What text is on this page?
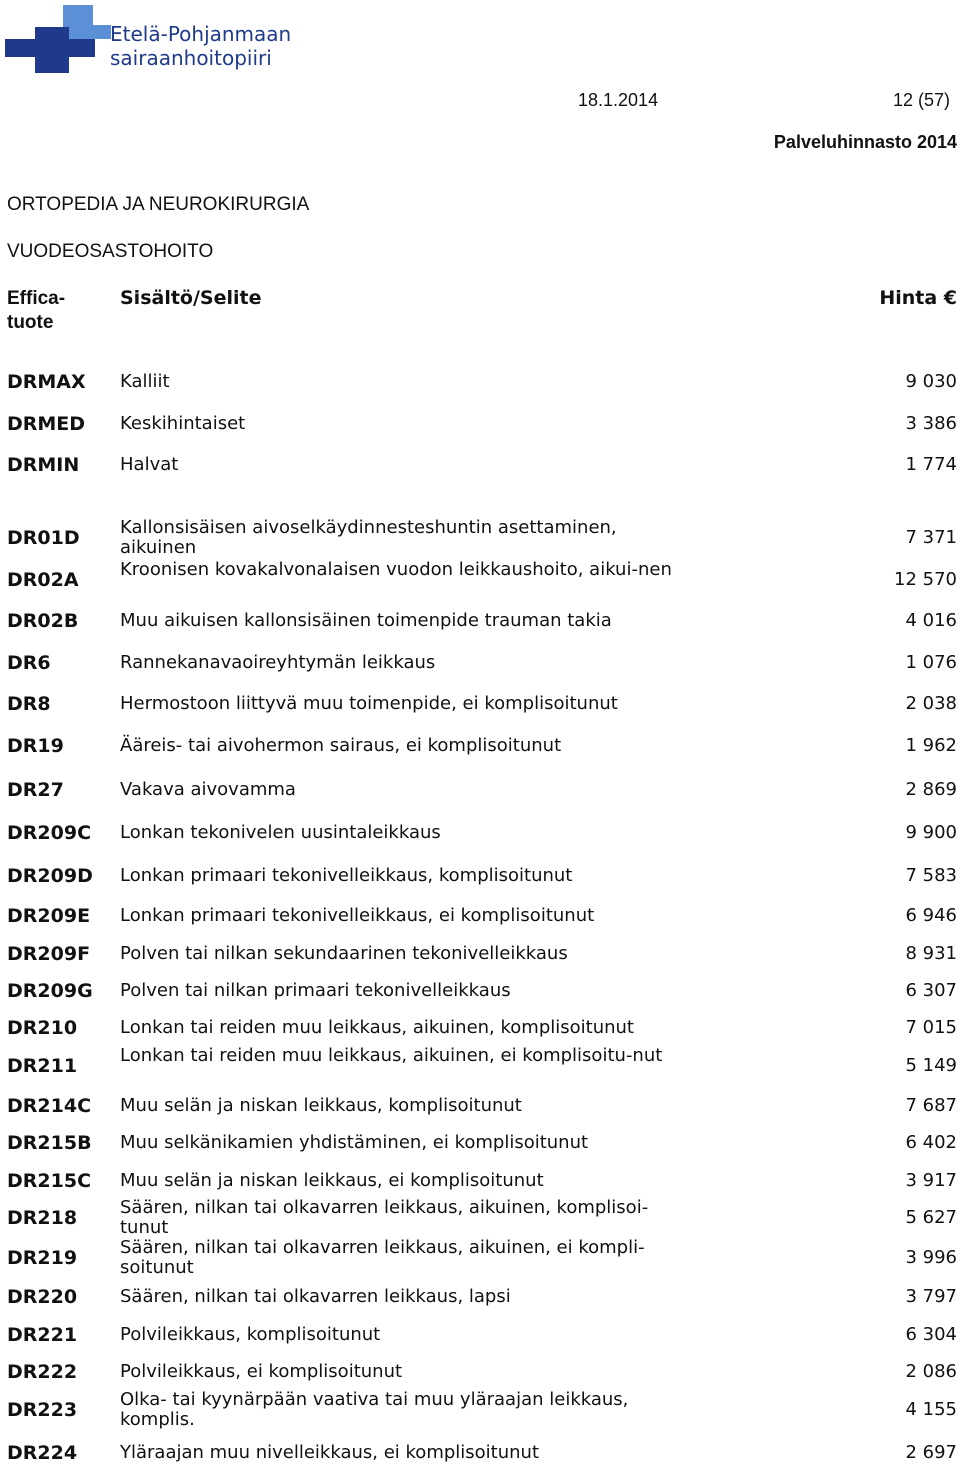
Etelä-Pohjanmaan
sairaanhoitopiiri
18.1.2014	12 (57)
Palveluhinnasto 2014
ORTOPEDIA JA NEUROKIRURGIA
VUODEOSASTOHOITO
Effica-
tuote
Sisältö/Selite	Hinta €
DRMAX Kalliit	9 030
DRMED Keskihintaiset	3 386
DRMIN Halvat	1 774
DR01D Kallonsisäisen aivoselkäydinnesteshuntin asettaminen, aikuinen	7 371
DR02A Kroonisen kovakalvonalaisen vuodon leikkaushoito, aikui-nen	12 570
DR02B Muu aikuisen kallonsisäinen toimenpide trauman takia	4 016
DR6	Rannekanavaoireyhtymän leikkaus	1 076
DR8	Hermostoon liittyvä muu toimenpide, ei komplisoitunut	2 038
DR19	Ääreis- tai aivohermon sairaus, ei komplisoitunut	1 962
DR27	Vakava aivovamma	2 869
DR209C Lonkan tekonivelen uusintaleikkaus	9 900
DR209D Lonkan primaari tekonivelleikkaus, komplisoitunut	7 583
DR209E Lonkan primaari tekonivelleikkaus, ei komplisoitunut	6 946
DR209F Polven tai nilkan sekundaarinen tekonivelleikkaus	8 931
DR209G Polven tai nilkan primaari tekonivelleikkaus	6 307
DR210 Lonkan tai reiden muu leikkaus, aikuinen, komplisoitunut	7 015
DR211 Lonkan tai reiden muu leikkaus, aikuinen, ei komplisoitu-nut	5 149
DR214C Muu selän ja niskan leikkaus, komplisoitunut	7 687
DR215B Muu selkänikamien yhdistäminen, ei komplisoitunut	6 402
DR215C Muu selän ja niskan leikkaus, ei komplisoitunut	3 917
DR218 Säären, nilkan tai olkavarren leikkaus, aikuinen, komplisoi-tunut	5 627
DR219 Säären, nilkan tai olkavarren leikkaus, aikuinen, ei kompli-soitunut	3 996
DR220 Säären, nilkan tai olkavarren leikkaus, lapsi	3 797
DR221 Polvileikkaus, komplisoitunut	6 304
DR222 Polvileikkaus, ei komplisoitunut	2 086
DR223 Olka- tai kyynärpään vaativa tai muu yläraajan leikkaus, komplis.	4 155
DR224 Yläraajan muu nivelleikkaus, ei komplisoitunut	2 697
